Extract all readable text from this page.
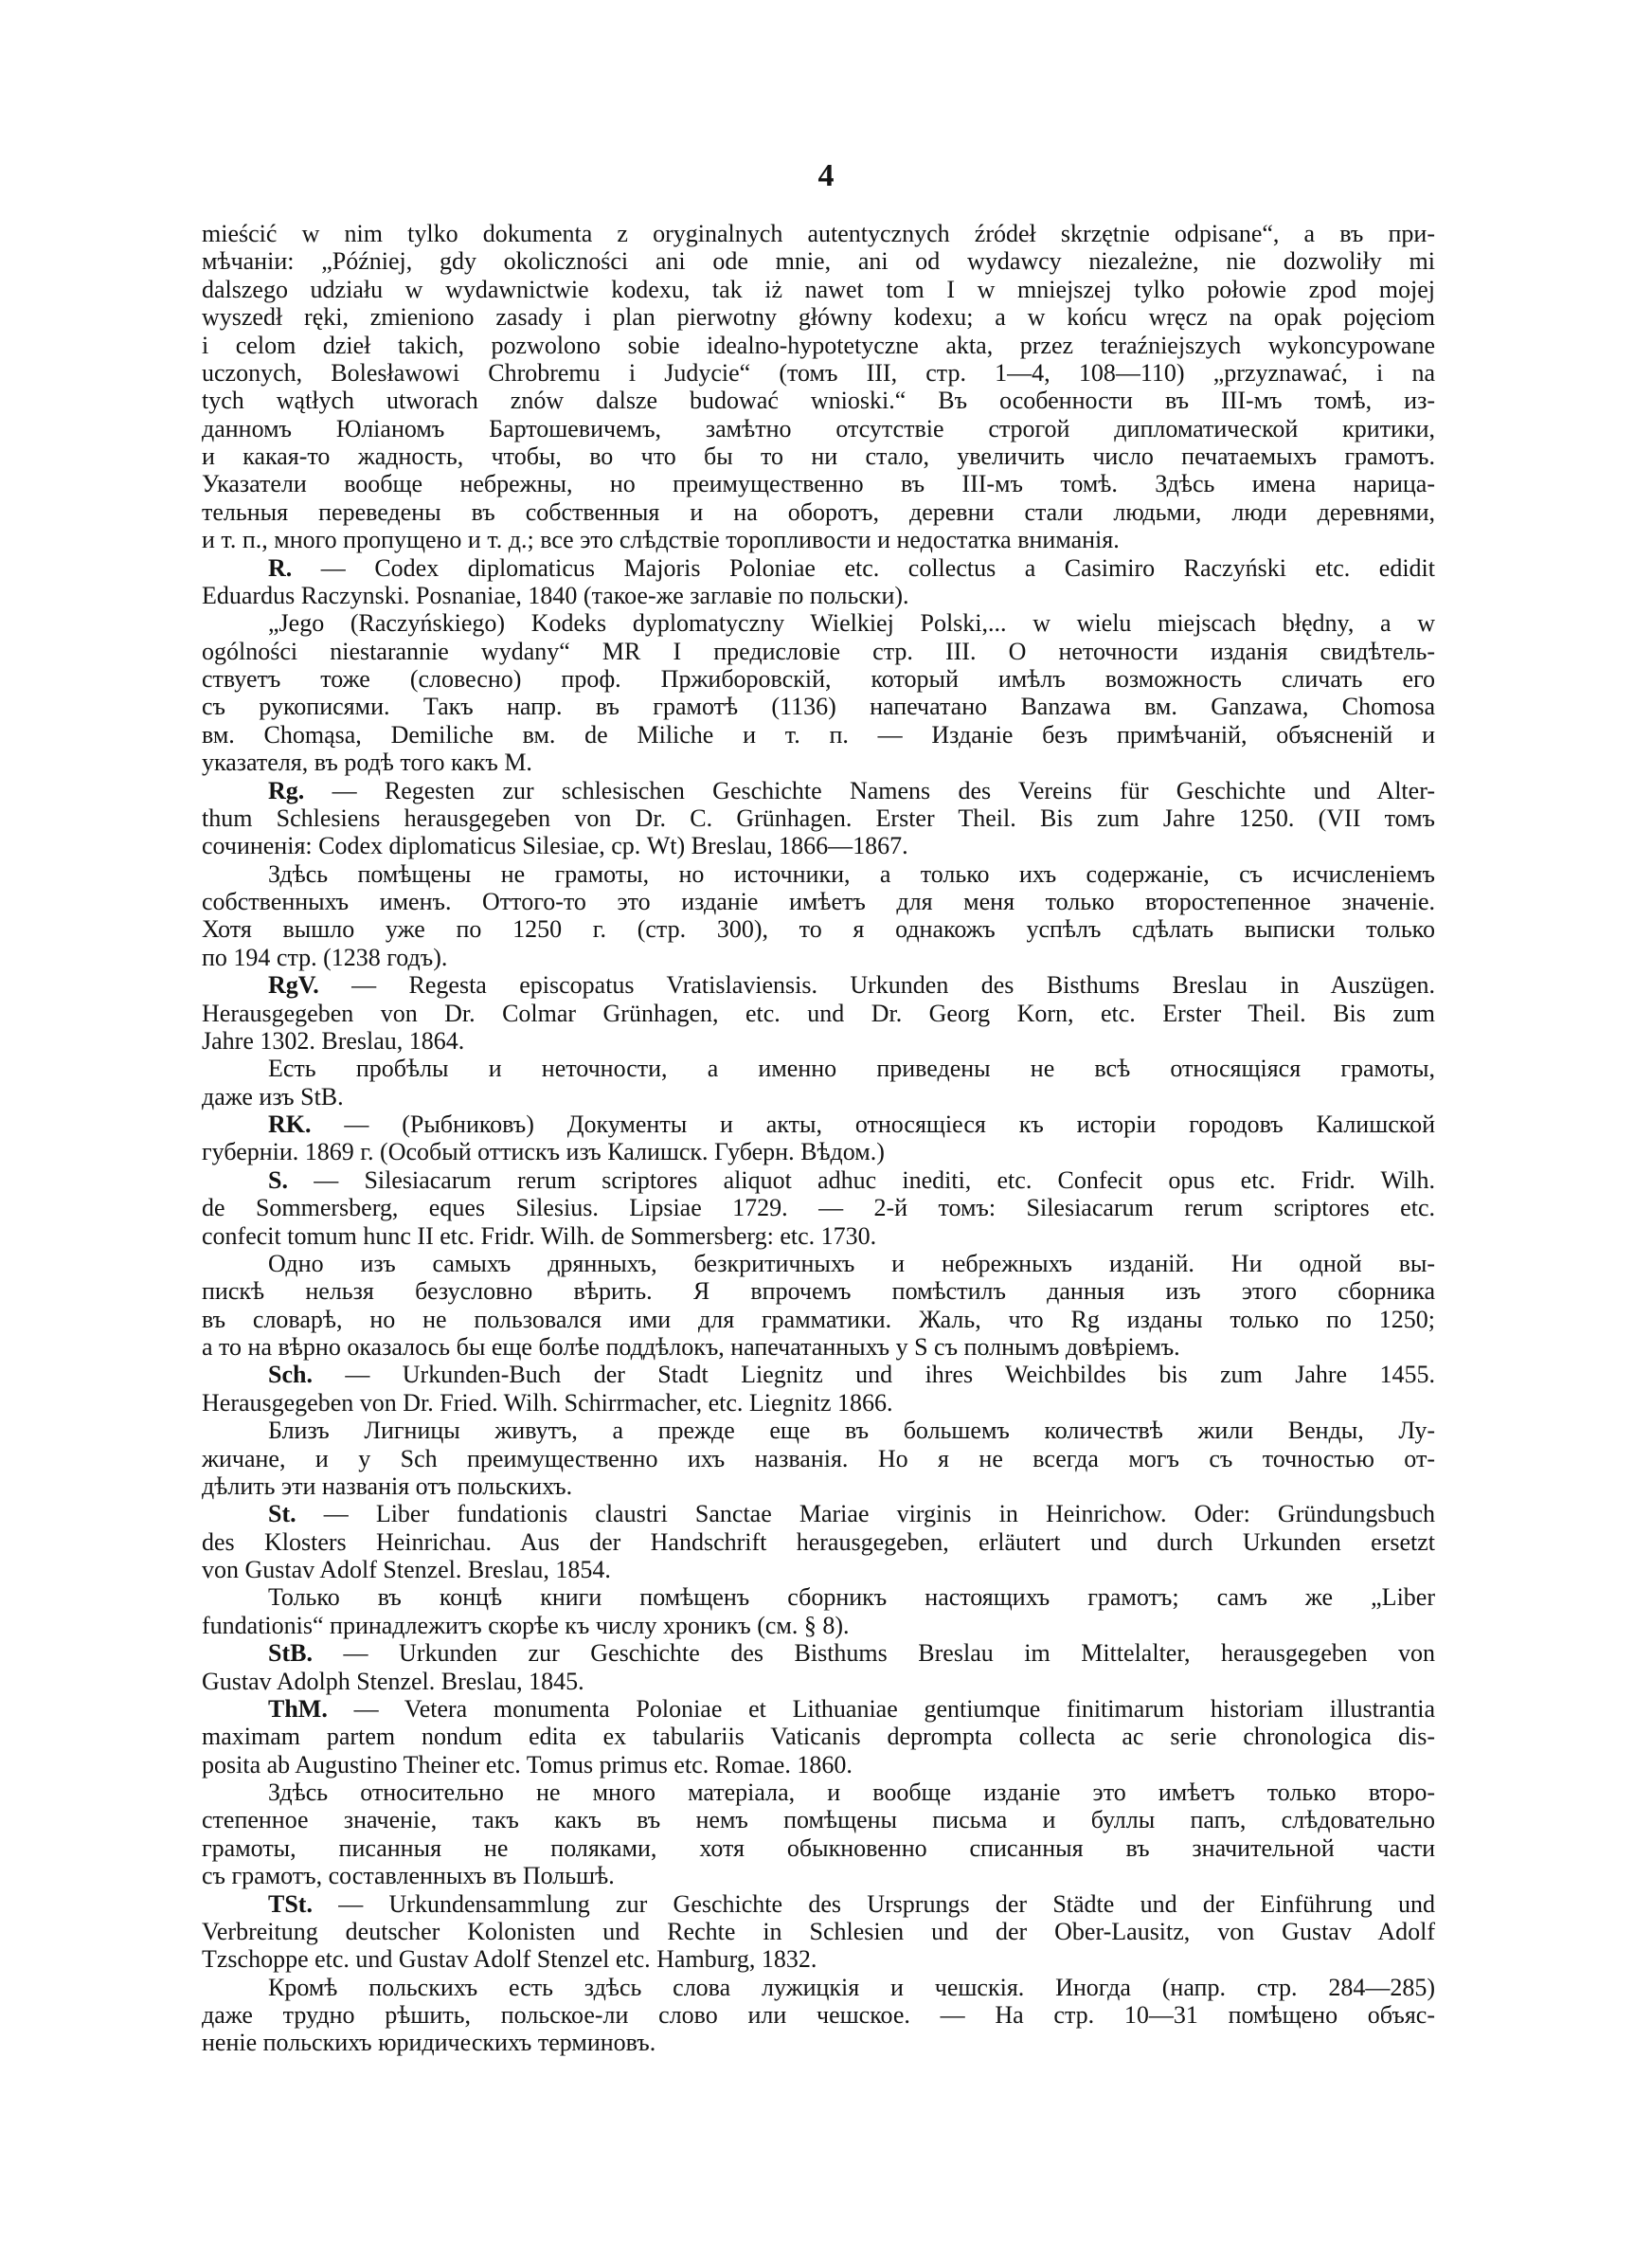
4
mieścić w nim tylko dokumenta z oryginalnych autentycznych źródeł skrzętnie odpisane“, а въ при-
мѣчаніи: „Później, gdy okoliczności ani ode mnie, ani od wydawcy niezależne, nie dozwoliły mi
dalszego udziału w wydawnictwie kodexu, tak iż nawet tom I w mniejszej tylko połowie zpod mojej
wyszedł ręki, zmieniono zasady i plan pierwotny główny kodexu; a w końcu wręcz na opak pojęciom
i celom dzieł takich, pozwolono sobie idealno-hypotetyczne akta, przez teraźniejszych wykoncypowane
uczonych, Bolesławowi Chrobremu i Judycie“ (томъ III, стр. 1—4, 108—110) „przyznawać, i na
tych wątłych utworach znów dalsze budować wnioski.“ Въ особенности въ III-мъ томѣ, из-
данномъ Юліаномъ Бартошевичемъ, замѣтно отсутствіе строгой дипломатической критики,
и какая-то жадность, чтобы, во что бы то ни стало, увеличить число печатаемыхъ грамотъ.
Указатели вообще небрежны, но преимущественно въ III-мъ томѣ. Здѣсь имена нарица-
тельныя переведены въ собственныя и на оборотъ, деревни стали людьми, люди деревнями,
и т. п., много пропущено и т. д.; все это слѣдствіе торопливости и недостатка вниманія.
R. — Codex diplomaticus Majoris Poloniae etc. collectus a Casimiro Raczyński etc. edidit
Eduardus Raczynski. Posnaniae, 1840 (такое-же заглавіе по польски).
„Jego (Raczyńskiego) Kodeks dyplomatyczny Wielkiej Polski,... w wielu miejscach błędny, a w
ogólności niestarannie wydany“ MR I предисловіе стр. III. О неточности изданія свидѣтель-
ствуетъ тоже (словесно) проф. Пржиборовскій, который имѣлъ возможность сличать его
съ рукописями. Такъ напр. въ грамотѣ (1136) напечатано Banzawa вм. Ganzawa, Chomosa
вм. Chomąsa, Demiliche вм. de Miliche и т. п. — Изданіе безъ примѣчаній, объясненій и
указателя, въ родѣ того какъ M.
Rg. — Regesten zur schlesischen Geschichte Namens des Vereins für Geschichte und Alter-
thum Schlesiens herausgegeben von Dr. C. Grünhagen. Erster Theil. Bis zum Jahre 1250. (VII томъ
сочиненія: Codex diplomaticus Silesiae, ср. Wt) Breslau, 1866—1867.
Здѣсь помѣщены не грамоты, но источники, а только ихъ содержаніе, съ исчисленіемъ
собственныхъ именъ. Оттого-то это изданіе имѣетъ для меня только второстепенное значеніе.
Хотя вышло уже по 1250 г. (стр. 300), то я однакожъ успѣлъ сдѣлать выписки только
по 194 стр. (1238 годъ).
RgV. — Regesta episcopatus Vratislaviensis. Urkunden des Bisthums Breslau in Auszügen.
Herausgegeben von Dr. Colmar Grünhagen, etc. und Dr. Georg Korn, etc. Erster Theil. Bis zum
Jahre 1302. Breslau, 1864.
Есть пробѣлы и неточности, а именно приведены не всѣ относящіяся грамоты,
даже изъ StB.
RK. — (Рыбниковъ) Документы и акты, относящіеся къ исторіи городовъ Калишской
губерніи. 1869 г. (Особый оттискъ изъ Калишск. Губерн. Вѣдом.)
S. — Silesiacarum rerum scriptores aliquot adhuc inediti, etc. Confecit opus etc. Fridr. Wilh.
de Sommersberg, eques Silesius. Lipsiae 1729. — 2-й томъ: Silesiacarum rerum scriptores etc.
confecit tomum hunc II etc. Fridr. Wilh. de Sommersberg: etc. 1730.
Одно изъ самыхъ дрянныхъ, безкритичныхъ и небрежныхъ изданій. Ни одной вы-
пискѣ нельзя безусловно вѣрить. Я впрочемъ помѣстилъ данныя изъ этого сборника
въ словарѣ, но не пользовался ими для грамматики. Жаль, что Rg изданы только по 1250;
а то на вѣрно оказалось бы еще болѣе поддѣлокъ, напечатанныхъ у S съ полнымъ довѣріемъ.
Sch. — Urkunden-Buch der Stadt Liegnitz und ihres Weichbildes bis zum Jahre 1455.
Herausgegeben von Dr. Fried. Wilh. Schirrmacher, etc. Liegnitz 1866.
Близъ Лигницы живутъ, а прежде еще въ большемъ количествѣ жили Венды, Лу-
жичане, и у Sch преимущественно ихъ названія. Но я не всегда могъ съ точностью от-
дѣлить эти названія отъ польскихъ.
St. — Liber fundationis claustri Sanctae Mariae virginis in Heinrichow. Oder: Gründungsbuch
des Klosters Heinrichau. Aus der Handschrift herausgegeben, erläutert und durch Urkunden ersetzt
von Gustav Adolf Stenzel. Breslau, 1854.
Только въ концѣ книги помѣщенъ сборникъ настоящихъ грамотъ; самъ же „Liber
fundationis“ принадлежитъ скорѣе къ числу хроникъ (см. § 8).
StB. — Urkunden zur Geschichte des Bisthums Breslau im Mittelalter, herausgegeben von
Gustav Adolph Stenzel. Breslau, 1845.
ThM. — Vetera monumenta Poloniae et Lithuaniae gentiumque finitimarum historiam illustrantia
maximam partem nondum edita ex tabulariis Vaticanis deprompta collecta ac serie chronologica dis-
posita ab Augustino Theiner etc. Tomus primus etc. Romae. 1860.
Здѣсь относительно не много матеріала, и вообще изданіе это имѣетъ только второ-
степенное значеніе, такъ какъ въ немъ помѣщены письма и буллы папъ, слѣдовательно
грамоты, писанныя не поляками, хотя обыкновенно списанныя въ значительной части
съ грамотъ, составленныхъ въ Польшѣ.
TSt. — Urkundensammlung zur Geschichte des Ursprungs der Städte und der Einführung und
Verbreitung deutscher Kolonisten und Rechte in Schlesien und der Ober-Lausitz, von Gustav Adolf
Tzschoppe etc. und Gustav Adolf Stenzel etc. Hamburg, 1832.
Кромѣ польскихъ есть здѣсь слова лужицкія и чешскія. Иногда (напр. стр. 284—285)
даже трудно рѣшить, польское-ли слово или чешское. — На стр. 10—31 помѣщено объяс-
неніе польскихъ юридическихъ терминовъ.
